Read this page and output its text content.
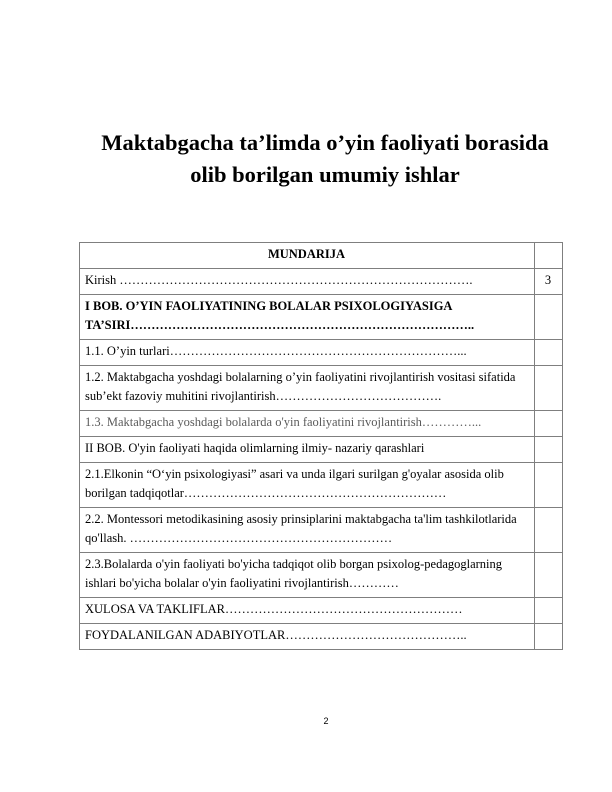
Maktabgacha ta’limda o’yin faoliyati borasida
olib borilgan umumiy ishlar
MUNDARIJA	
Kirish ………………………………………………………………………….	3
I BOB. O’YIN FAOLIYATINING BOLALAR PSIXOLOGIYASIGA TA’SIRI………………………………………………………………………..	
1.1. O’yin turlari……………………………………………………………...	
1.2. Maktabgacha yoshdagi bolalarning o’yin faoliyatini rivojlantirish vositasi sifatida sub’ekt fazoviy muhitini rivojlantirish………………………………….	
1.3. Maktabgacha yoshdagi bolalarda o'yin faoliyatini rivojlantirish…………...	
II BOB. O'yin faoliyati haqida olimlarning ilmiy- nazariy qarashlari	
2.1.Elkonin “O‘yin psixologiyasi” asari va unda ilgari surilgan g'oyalar asosida olib borilgan tadqiqotlar………………………………………………………	
2.2. Montessori metodikasining asosiy prinsiplarini maktabgacha ta'lim tashkilotlarida qo'llash. ………………………………………………………	
2.3.Bolalarda o'yin faoliyati bo'yicha tadqiqot olib borgan psixolog-pedagoglarning ishlari bo'yicha bolalar o'yin faoliyatini rivojlantirish…………	
XULOSA VA TAKLIFLAR…………………………………………………	
FOYDALANILGAN ADABIYOTLAR……………………………………..	
2
